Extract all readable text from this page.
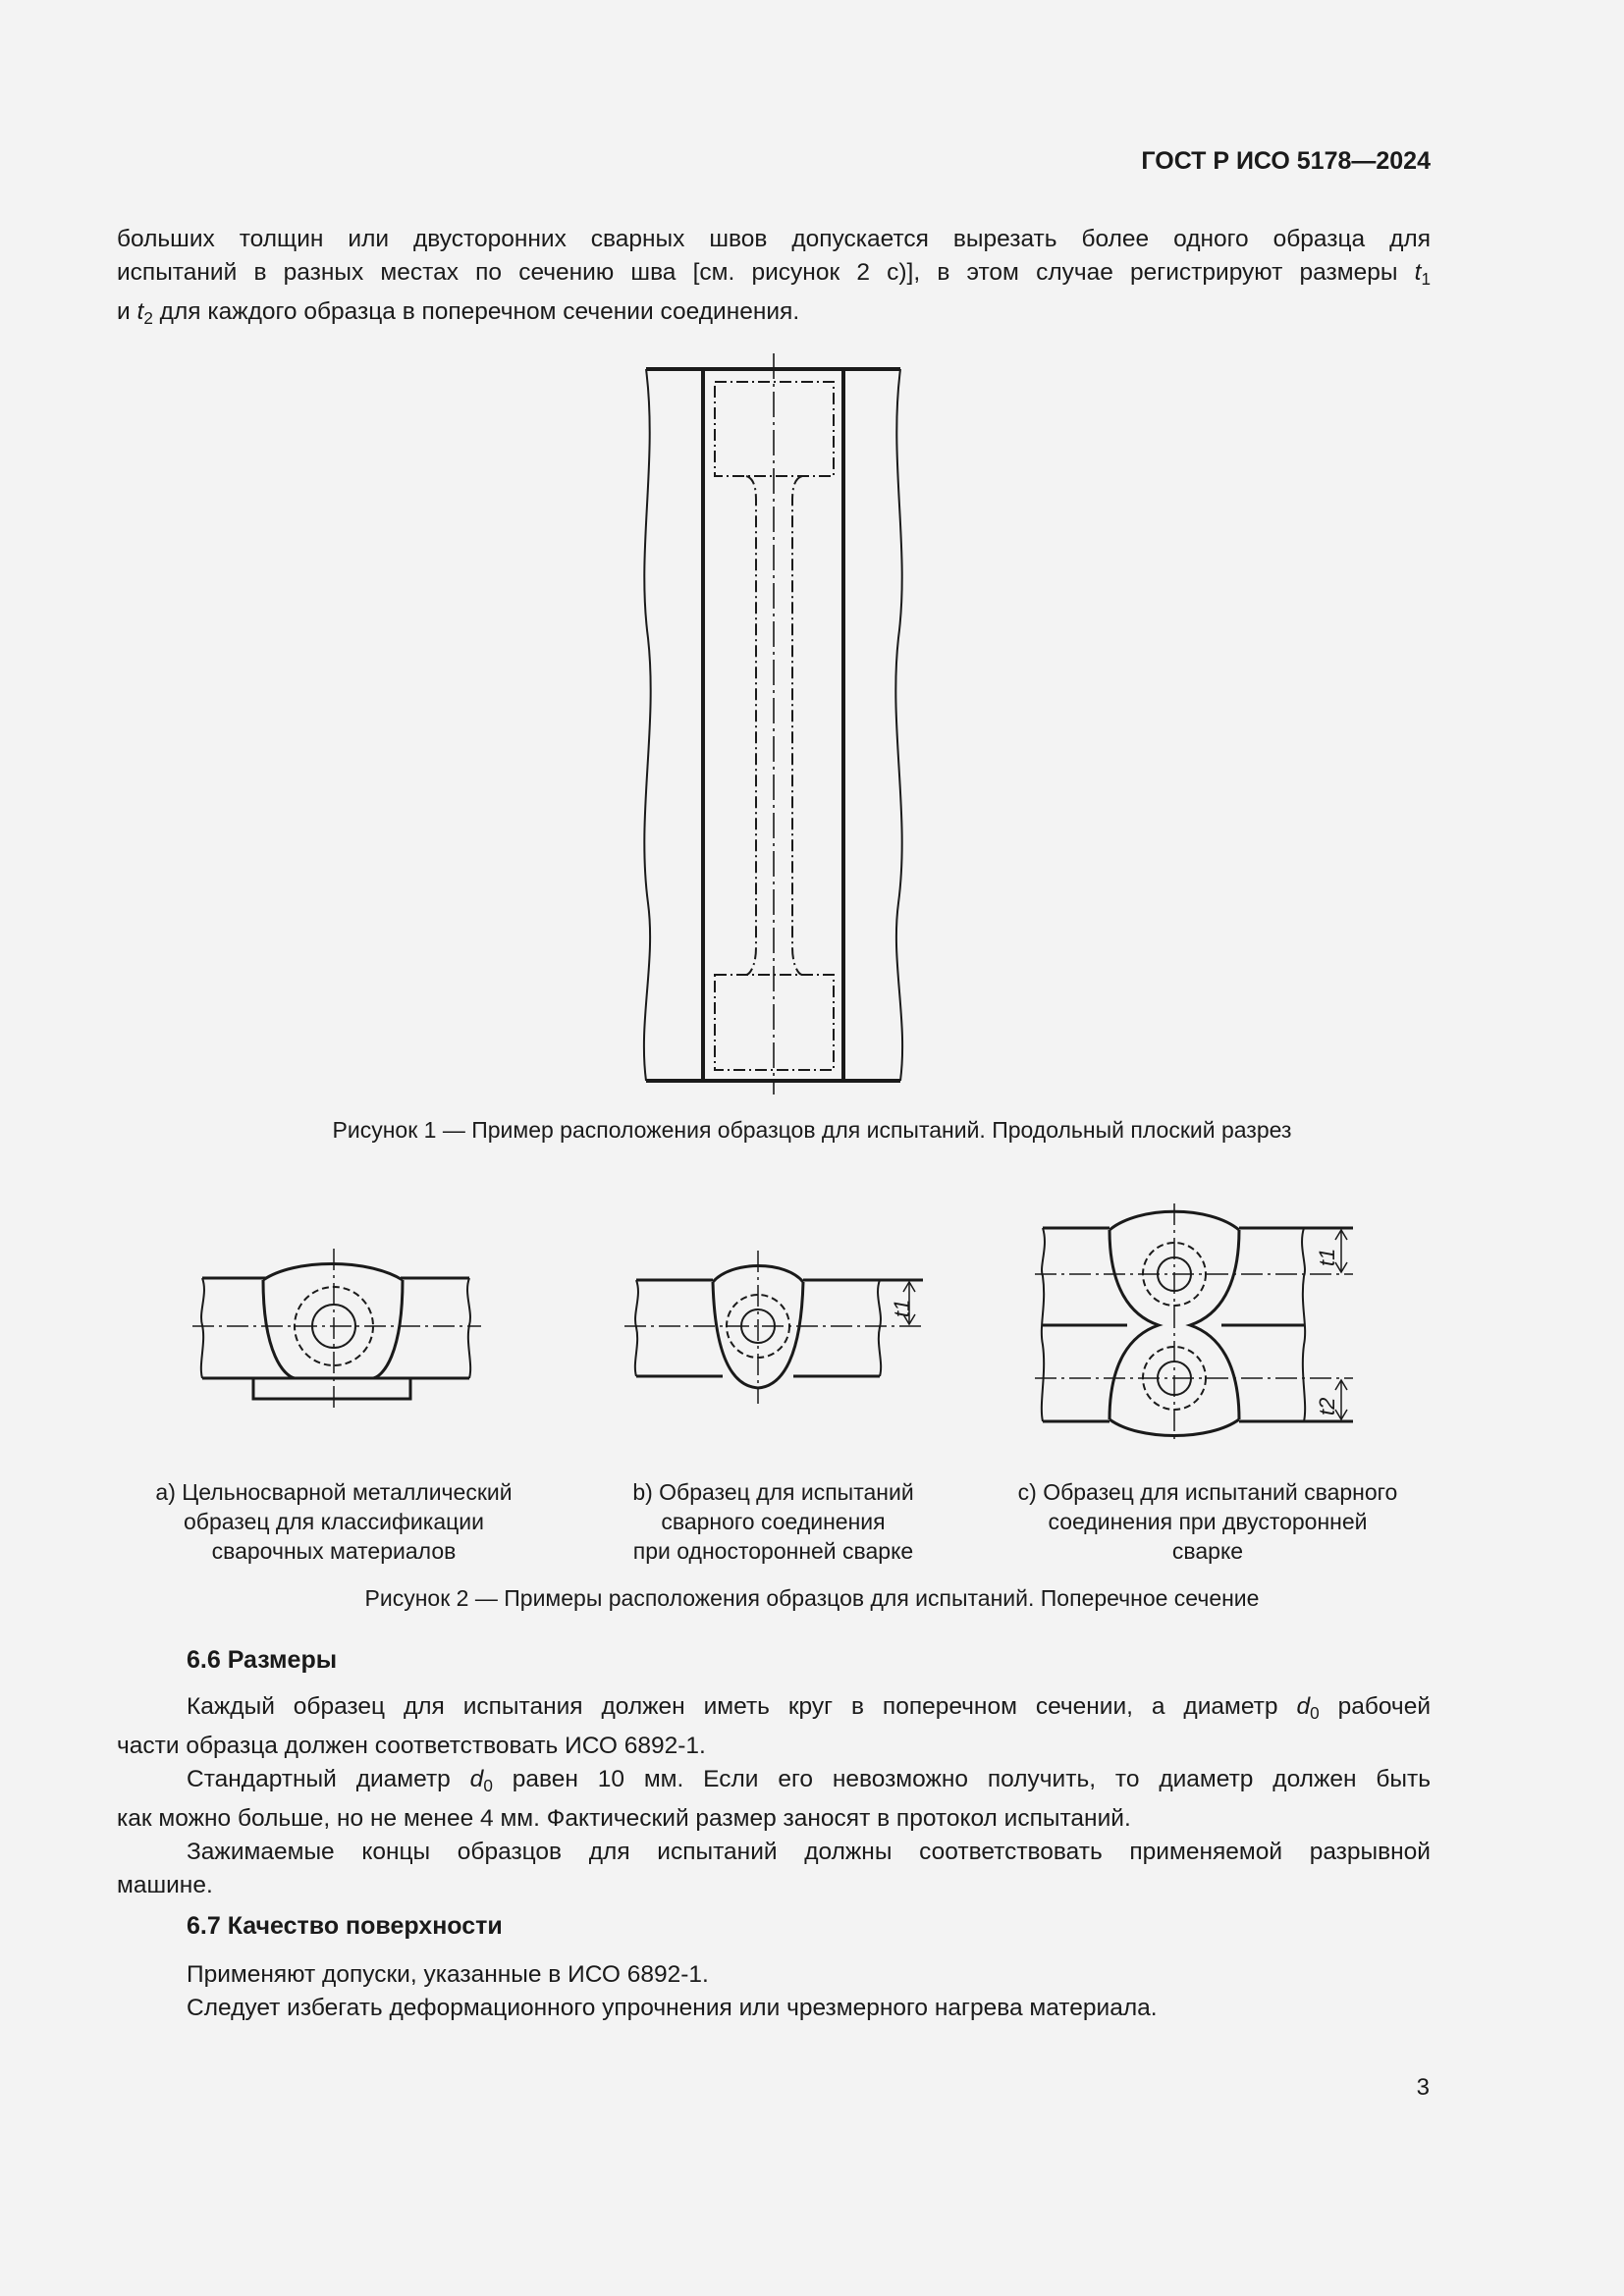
ГОСТ Р ИСО 5178—2024

больших толщин или двусторонних сварных швов допускается вырезать более одного образца для

испытаний в разных местах по сечению шва [см. рисунок 2 с)], в этом случае регистрируют размеры $t_1$

и $t_2$ для каждого образца в поперечном сечении соединения.

Рисунок 1 — Пример расположения образцов для испытаний. Продольный плоский разрез
t1
t1
t2
a) Цельносварной металлический
образец для классификации
сварочных материалов
b) Образец для испытаний
сварного соединения
при односторонней сварке
c) Образец для испытаний сварного
соединения при двусторонней
сварке
Рисунок 2 — Примеры расположения образцов для испытаний. Поперечное сечение
6.6 Размеры

Каждый образец для испытания должен иметь круг в поперечном сечении, а диаметр $d_0$ рабочей

части образца должен соответствовать ИСО 6892-1.

Стандартный диаметр $d_0$ равен 10 мм. Если его невозможно получить, то диаметр должен быть

как можно больше, но не менее 4 мм. Фактический размер заносят в протокол испытаний.

Зажимаемые концы образцов для испытаний должны соответствовать применяемой разрывной

машине.

6.7 Качество поверхности

Применяют допуски, указанные в ИСО 6892-1.

Следует избегать деформационного упрочнения или чрезмерного нагрева материала.

3
